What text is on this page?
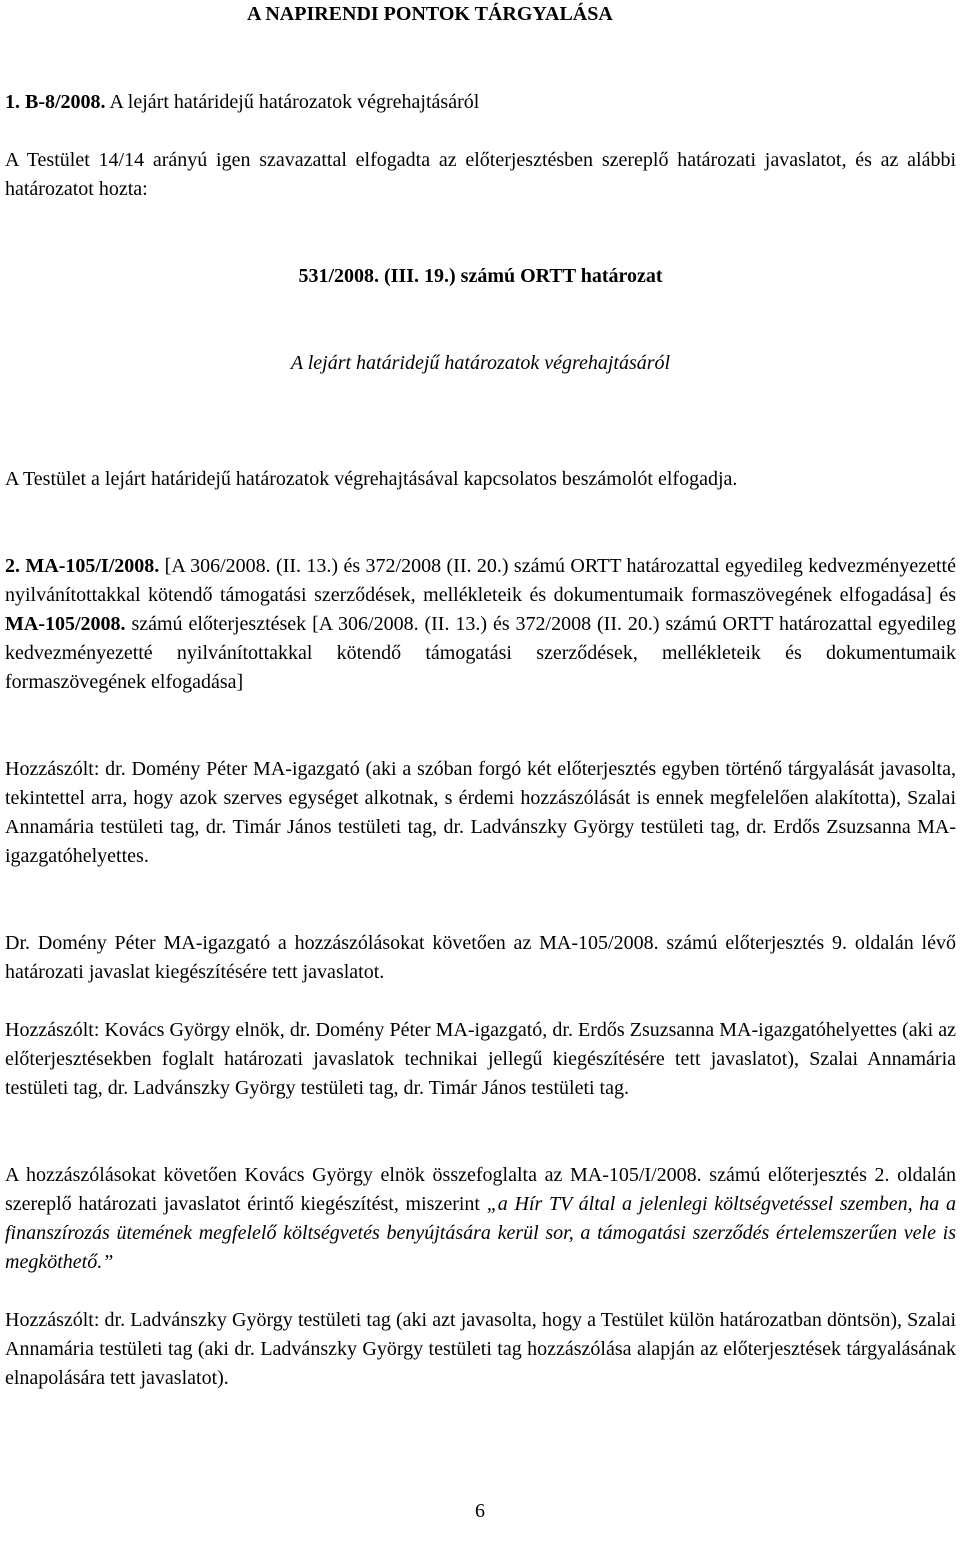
A NAPIRENDI PONTOK TÁRGYALÁSA

1. B-8/2008. A lejárt határidejű határozatok végrehajtásáról

A Testület 14/14 arányú igen szavazattal elfogadta az előterjesztésben szereplő határozati javaslatot, és az alábbi határozatot hozta:

531/2008. (III. 19.) számú ORTT határozat

A lejárt határidejű határozatok végrehajtásáról

A Testület a lejárt határidejű határozatok végrehajtásával kapcsolatos beszámolót elfogadja.

2. MA-105/I/2008. [A 306/2008. (II. 13.) és 372/2008 (II. 20.) számú ORTT határozattal egyedileg kedvezményezetté nyilvánítottakkal kötendő támogatási szerződések, mellékleteik és dokumentumaik formaszövegének elfogadása] és MA-105/2008. számú előterjesztések [A 306/2008. (II. 13.) és 372/2008 (II. 20.) számú ORTT határozattal egyedileg kedvezményezetté nyilvánítottakkal kötendő támogatási szerződések, mellékleteik és dokumentumaik formaszövegének elfogadása]

Hozzászólt: dr. Domény Péter MA-igazgató (aki a szóban forgó két előterjesztés egyben történő tárgyalását javasolta, tekintettel arra, hogy azok szerves egységet alkotnak, s érdemi hozzászólását is ennek megfelelően alakította), Szalai Annamária testületi tag, dr. Timár János testületi tag, dr. Ladvánszky György testületi tag, dr. Erdős Zsuzsanna MA-igazgatóhelyettes.

Dr. Domény Péter MA-igazgató a hozzászólásokat követően az MA-105/2008. számú előterjesztés 9. oldalán lévő határozati javaslat kiegészítésére tett javaslatot.

Hozzászólt: Kovács György elnök, dr. Domény Péter MA-igazgató, dr. Erdős Zsuzsanna MA-igazgatóhelyettes (aki az előterjesztésekben foglalt határozati javaslatok technikai jellegű kiegészítésére tett javaslatot), Szalai Annamária testületi tag, dr. Ladvánszky György testületi tag, dr. Timár János testületi tag.

A hozzászólásokat követően Kovács György elnök összefoglalta az MA-105/I/2008. számú előterjesztés 2. oldalán szereplő határozati javaslatot érintő kiegészítést, miszerint „a Hír TV által a jelenlegi költségvetéssel szemben, ha a finanszírozás ütemének megfelelő költségvetés benyújtására kerül sor, a támogatási szerződés értelemszerűen vele is megköthető.”

Hozzászólt: dr. Ladvánszky György testületi tag (aki azt javasolta, hogy a Testület külön határozatban döntsön), Szalai Annamária testületi tag (aki dr. Ladvánszky György testületi tag hozzászólása alapján az előterjesztések tárgyalásának elnapolására tett javaslatot).

6
